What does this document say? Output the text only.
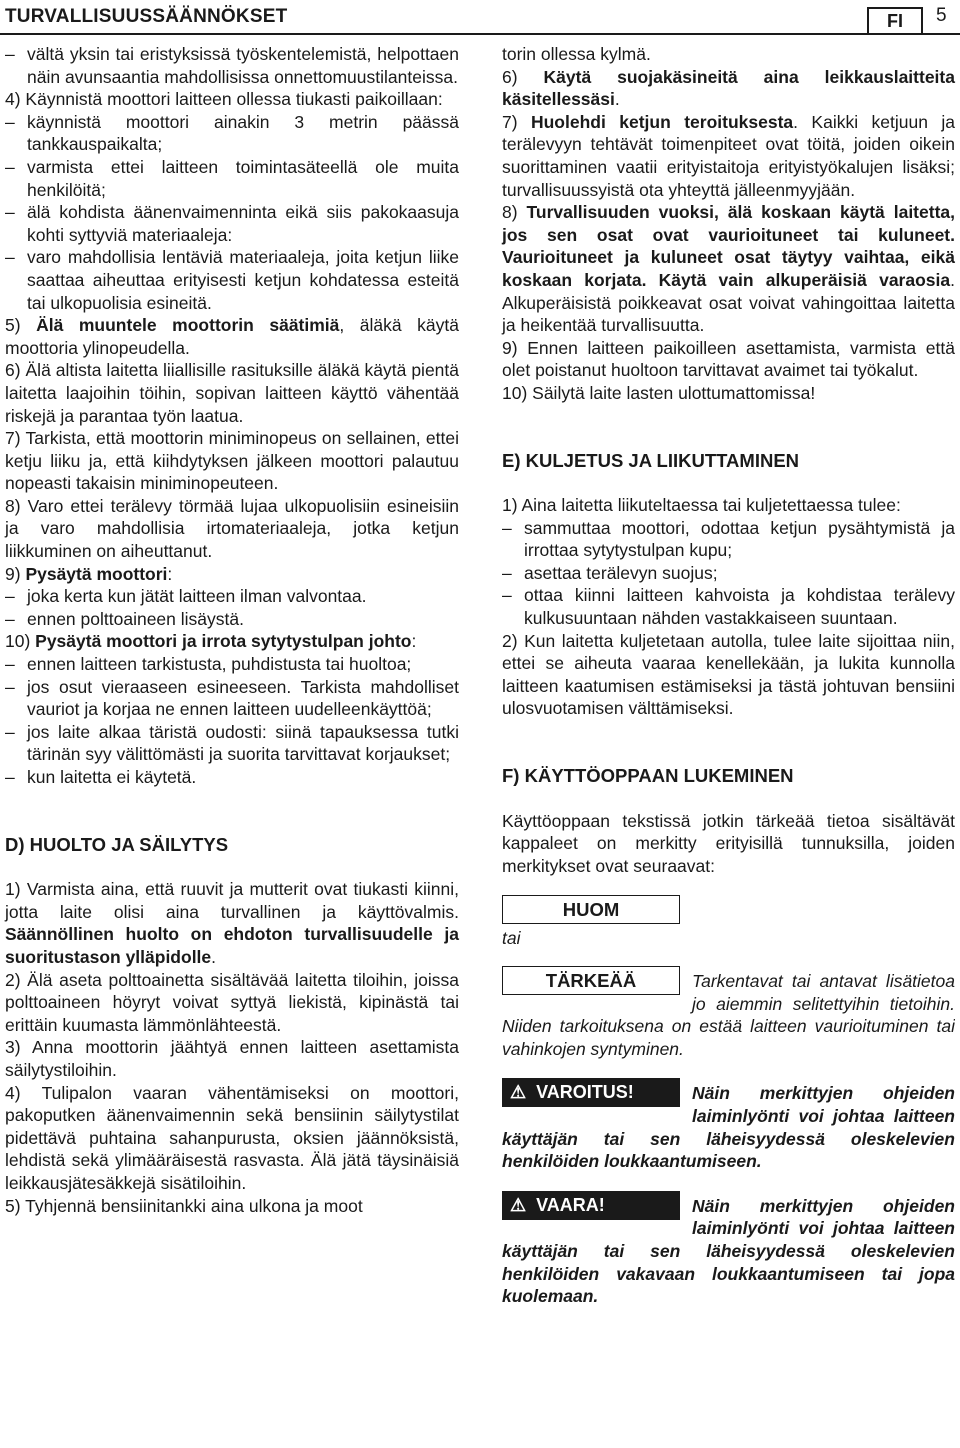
TURVALLISUUSSÄÄNNÖKSET	FI	5

– vältä yksin tai eristyksissä työskentelemistä, helpottaen näin avunsaantia mahdollisissa onnettomuustilanteissa.

4) Käynnistä moottori laitteen ollessa tiukasti paikoillaan:

– käynnistä moottori ainakin 3 metrin päässä tankkauspaikalta;

– varmista ettei laitteen toimintasäteellä ole muita henkilöitä;

– älä kohdista äänenvaimenninta eikä siis pakokaasuja kohti syttyviä materiaaleja:

– varo mahdollisia lentäviä materiaaleja, joita ketjun liike saattaa aiheuttaa erityisesti ketjun kohdatessa esteitä tai ulkopuolisia esineitä.

5) Älä muuntele moottorin säätimiä, äläkä käytä moottoria ylinopeudella.

6) Älä altista laitetta liiallisille rasituksille äläkä käytä pientä laitetta laajoihin töihin, sopivan laitteen käyttö vähentää riskejä ja parantaa työn laatua.

7) Tarkista, että moottorin miniminopeus on sellainen, ettei ketju liiku ja, että kiihdytyksen jälkeen moottori palautuu nopeasti takaisin miniminopeuteen.

8) Varo ettei terälevy törmää lujaa ulkopuolisiin esineisiin ja varo mahdollisia irtomateriaaleja, jotka ketjun liikkuminen on aiheuttanut.

9) Pysäytä moottori:

– joka kerta kun jätät laitteen ilman valvontaa.

– ennen polttoaineen lisäystä.

10) Pysäytä moottori ja irrota sytytystulpan johto:

– ennen laitteen tarkistusta, puhdistusta tai huoltoa;

– jos osut vieraaseen esineeseen. Tarkista mahdolliset vauriot ja korjaa ne ennen laitteen uudelleenkäyttöä;

– jos laite alkaa täristä oudosti: siinä tapauksessa tutki tärinän syy välittömästi ja suorita tarvittavat korjaukset;

– kun laitetta ei käytetä.

D) HUOLTO JA SÄILYTYS

1) Varmista aina, että ruuvit ja mutterit ovat tiukasti kiinni, jotta laite olisi aina turvallinen ja käyttövalmis. Säännöllinen huolto on ehdoton turvallisuudelle ja suoritustason ylläpidolle.

2) Älä aseta polttoainetta sisältävää laitetta tiloihin, joissa polttoaineen höyryt voivat syttyä liekistä, kipinästä tai erittäin kuumasta lämmönlähteestä.

3) Anna moottorin jäähtyä ennen laitteen asettamista säilytystiloihin.

4) Tulipalon vaaran vähentämiseksi on moottori, pakoputken äänenvaimennin sekä bensiinin säilytystilat pidettävä puhtaina sahanpurusta, oksien jäännöksistä, lehdistä sekä ylimääräisestä rasvasta. Älä jätä täysinäisiä leikkausjätesäkkejä sisätiloihin.

5) Tyhjennä bensiinitankki aina ulkona ja moot

torin ollessa kylmä.

6) Käytä suojakäsineitä aina leikkauslaitteita käsitellessäsi.

7) Huolehdi ketjun teroituksesta. Kaikki ketjuun ja terälevyyn tehtävät toimenpiteet ovat töitä, joiden oikein suorittaminen vaatii erityistaitoja erityistyökalujen lisäksi; turvallisuussyistä ota yhteyttä jälleenmyyjään.

8) Turvallisuuden vuoksi, älä koskaan käytä laitetta, jos sen osat ovat vaurioituneet tai kuluneet. Vaurioituneet ja kuluneet osat täytyy vaihtaa, eikä koskaan korjata. Käytä vain alkuperäisiä varaosia. Alkuperäisistä poikkeavat osat voivat vahingoittaa laitetta ja heikentää turvallisuutta.

9) Ennen laitteen paikoilleen asettamista, varmista että olet poistanut huoltoon tarvittavat avaimet tai työkalut.

10) Säilytä laite lasten ulottumattomissa!

E) KULJETUS JA LIIKUTTAMINEN

1) Aina laitetta liikuteltaessa tai kuljetettaessa tulee:

– sammuttaa moottori, odottaa ketjun pysähtymistä ja irrottaa sytytystulpan kupu;

– asettaa terälevyn suojus;

– ottaa kiinni laitteen kahvoista ja kohdistaa terälevy kulkusuuntaan nähden vastakkaiseen suuntaan.

2) Kun laitetta kuljetetaan autolla, tulee laite sijoittaa niin, ettei se aiheuta vaaraa kenellekään, ja lukita kunnolla laitteen kaatumisen estämiseksi ja tästä johtuvan bensiini ulosvuotamisen välttämiseksi.

F) KÄYTTÖOPPAAN LUKEMINEN

Käyttöoppaan tekstissä jotkin tärkeää tietoa sisältävät kappaleet on merkitty erityisillä tunnuksilla, joiden merkitykset ovat seuraavat:

HUOM

tai

TÄRKEÄÄ	Tarkentavat tai antavat lisätietoa jo aiemmin selitettyihin tietoihin. Niiden tarkoituksena on estää laitteen vaurioituminen tai vahinkojen syntyminen.

⚠ VAROITUS!	Näin merkittyjen ohjeiden laiminlyönti voi johtaa laitteen käyttäjän tai sen läheisyydessä oleskelevien henkilöiden loukkaantumiseen.

⚠ VAARA!	Näin merkittyjen ohjeiden laiminlyönti voi johtaa laitteen käyttäjän tai sen läheisyydessä oleskelevien henkilöiden vakavaan loukkaantumiseen tai jopa kuolemaan.
